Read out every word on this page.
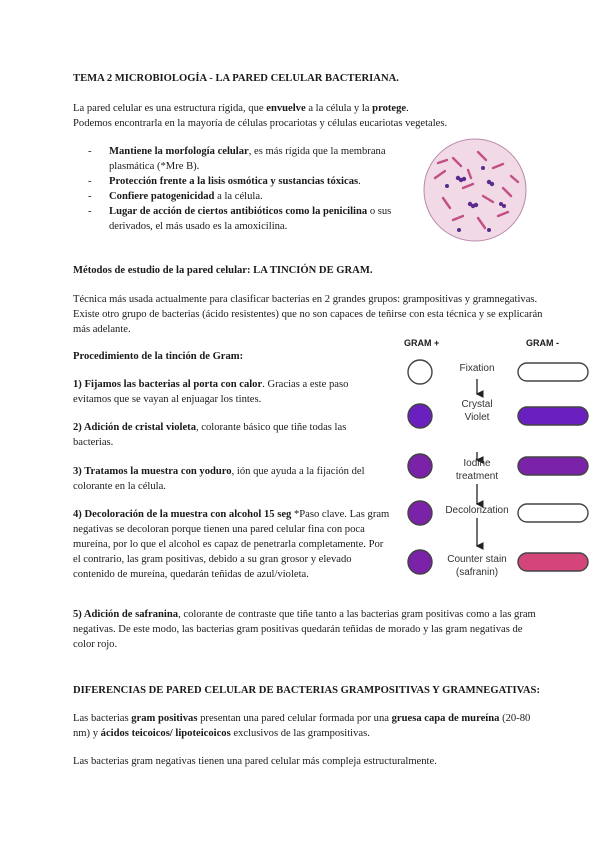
TEMA 2 MICROBIOLOGÍA - LA PARED CELULAR BACTERIANA.

La pared celular es una estructura rígida, que envuelve a la célula y la protege.

Podemos encontrarla en la mayoría de células procariotas y células eucariotas vegetales.

- Mantiene la morfología celular, es más rígida que la membrana plasmática (*Mre B).
- Protección frente a la lisis osmótica y sustancias tóxicas.
- Confiere patogenicidad a la célula.
- Lugar de acción de ciertos antibióticos como la penicilina o sus derivados, el más usado es la amoxicilina.
Métodos de estudio de la pared celular: LA TINCIÓN DE GRAM.
Técnica más usada actualmente para clasificar bacterias en 2 grandes grupos: grampositivas y gramnegativas. Existe otro grupo de bacterias (ácido resistentes) que no son capaces de teñirse con esta técnica y se explicarán más adelante.
Procedimiento de la tinción de Gram:
1) Fijamos las bacterias al porta con calor. Gracias a este paso evitamos que se vayan al enjuagar los tintes.
2) Adición de cristal violeta, colorante básico que tiñe todas las bacterias.
3) Tratamos la muestra con yoduro, ión que ayuda a la fijación del colorante en la célula.
4) Decoloración de la muestra con alcohol 15 seg *Paso clave. Las gram negativas se decoloran porque tienen una pared celular fina con poca mureína, por lo que el alcohol es capaz de penetrarla completamente. Por el contrario, las gram positivas, debido a su gran grosor y elevado contenido de mureína, quedarán teñidas de azul/violeta.
GRAM +	GRAM -
Fixation
Crystal
Violet
Iodine
treatment
Decolorization
Counter stain
(safranin)
5) Adición de safranina, colorante de contraste que tiñe tanto a las bacterias gram positivas como a las gram negativas. De este modo, las bacterias gram positivas quedarán teñidas de morado y las gram negativas de color rojo.
DIFERENCIAS DE PARED CELULAR DE BACTERIAS GRAMPOSITIVAS Y GRAMNEGATIVAS:
Las bacterias gram positivas presentan una pared celular formada por una gruesa capa de mureína (20-80 nm) y ácidos teicoicos/ lipoteicoicos exclusivos de las grampositivas.
Las bacterias gram negativas tienen una pared celular más compleja estructuralmente.
